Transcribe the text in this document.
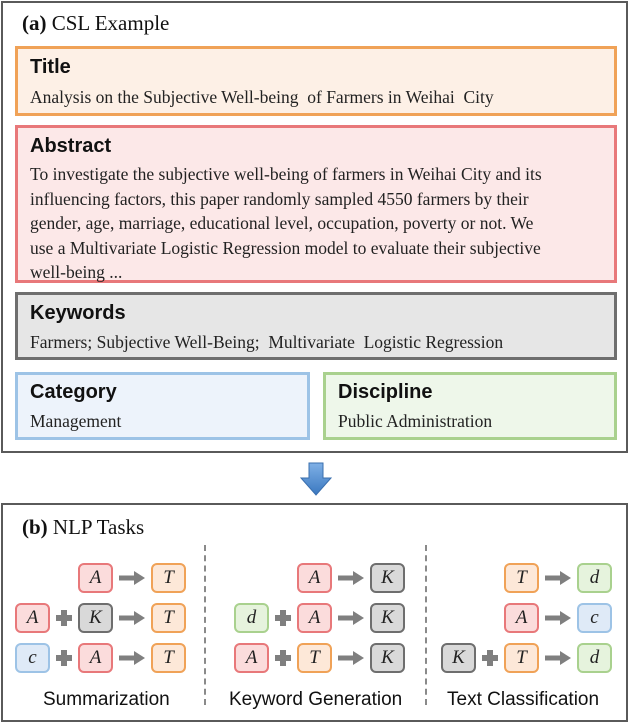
(a) CSL Example
Title
Analysis on the Subjective Well-being  of Farmers in Weihai  City
Abstract
To investigate the subjective well-being of farmers in Weihai City and its
influencing factors, this paper randomly sampled 4550 farmers by their
gender, age, marriage, educational level, occupation, poverty or not. We
use a Multivariate Logistic Regression model to evaluate their subjective
well-being ...
Keywords
Farmers; Subjective Well-Being;  Multivariate  Logistic Regression
Category
Management
Discipline
Public Administration
(b) NLP Tasks
T
A
T
K
A
T
A
c
Summarization
K
A
K
A
d
K
T
A
Keyword Generation
d
T
c
A
d
T
K
Text Classification
